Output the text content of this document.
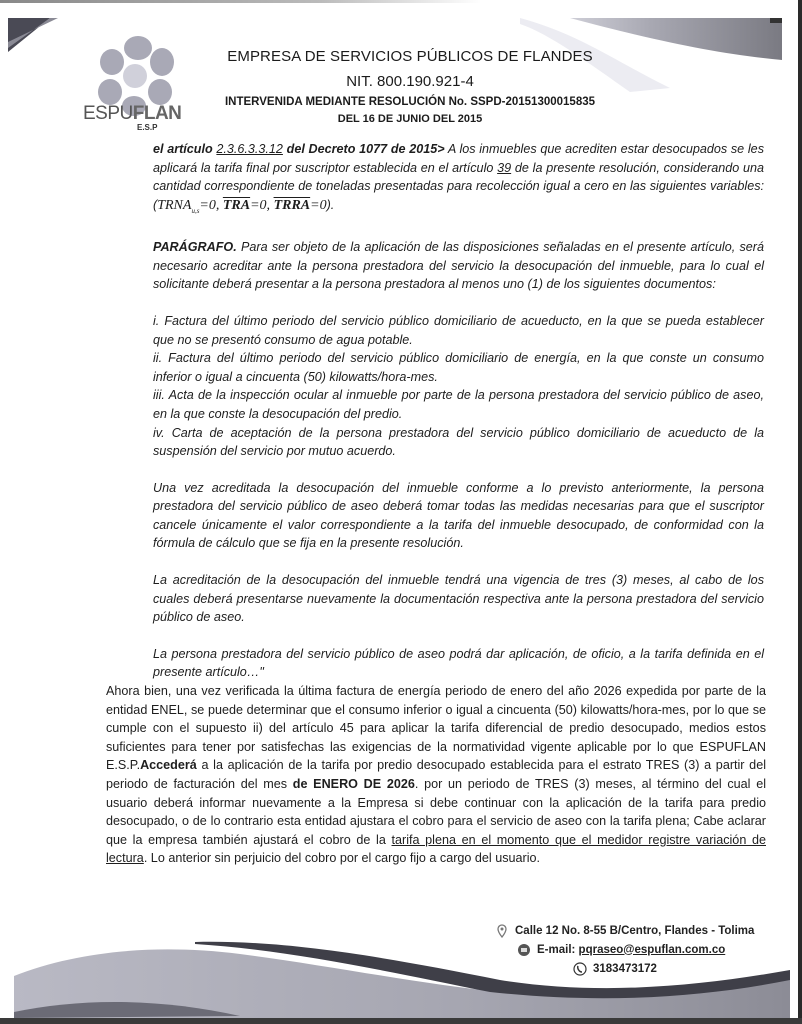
ESPUFLAN
E.S.P
EMPRESA DE SERVICIOS PÚBLICOS DE FLANDES
NIT. 800.190.921-4
INTERVENIDA MEDIANTE RESOLUCIÓN No. SSPD-20151300015835
DEL 16 DE JUNIO DEL 2015

el artículo 2.3.6.3.3.12 del Decreto 1077 de 2015> A los inmuebles que acrediten estar desocupados se les aplicará la tarifa final por suscriptor establecida en el artículo 39 de la presente resolución, considerando una cantidad correspondiente de toneladas presentadas para recolección igual a cero en las siguientes variables: ($TRNA_{u,s}=0$, $\overline{TRA}=0$, TRRA=0).

PARÁGRAFO. Para ser objeto de la aplicación de las disposiciones señaladas en el presente artículo, será necesario acreditar ante la persona prestadora del servicio la desocupación del inmueble, para lo cual el solicitante deberá presentar a la persona prestadora al menos uno (1) de los siguientes documentos:

i. Factura del último periodo del servicio público domiciliario de acueducto, en la que se pueda establecer que no se presentó consumo de agua potable.

ii. Factura del último periodo del servicio público domiciliario de energía, en la que conste un consumo inferior o igual a cincuenta (50) kilowatts/hora-mes.

iii. Acta de la inspección ocular al inmueble por parte de la persona prestadora del servicio público de aseo, en la que conste la desocupación del predio.

iv. Carta de aceptación de la persona prestadora del servicio público domiciliario de acueducto de la suspensión del servicio por mutuo acuerdo.

Una vez acreditada la desocupación del inmueble conforme a lo previsto anteriormente, la persona prestadora del servicio público de aseo deberá tomar todas las medidas necesarias para que el suscriptor cancele únicamente el valor correspondiente a la tarifa del inmueble desocupado, de conformidad con la fórmula de cálculo que se fija en la presente resolución.

La acreditación de la desocupación del inmueble tendrá una vigencia de tres (3) meses, al cabo de los cuales deberá presentarse nuevamente la documentación respectiva ante la persona prestadora del servicio público de aseo.

La persona prestadora del servicio público de aseo podrá dar aplicación, de oficio, a la tarifa definida en el presente artículo…"

Ahora bien, una vez verificada la última factura de energía periodo de enero del año 2026 expedida por parte de la entidad ENEL, se puede determinar que el consumo inferior o igual a cincuenta (50) kilowatts/hora-mes, por lo que se cumple con el supuesto ii) del artículo 45 para aplicar la tarifa diferencial de predio desocupado, medios estos suficientes para tener por satisfechas las exigencias de la normatividad vigente aplicable por lo que ESPUFLAN E.S.P.Accederá a la aplicación de la tarifa por predio desocupado establecida para el estrato TRES (3) a partir del periodo de facturación del mes de ENERO DE 2026. por un periodo de TRES (3) meses, al término del cual el usuario deberá informar nuevamente a la Empresa si debe continuar con la aplicación de la tarifa para predio desocupado, o de lo contrario esta entidad ajustara el cobro para el servicio de aseo con la tarifa plena; Cabe aclarar que la empresa también ajustará el cobro de la tarifa plena en el momento que el medidor registre variación de lectura. Lo anterior sin perjuicio del cobro por el cargo fijo a cargo del usuario.

Calle 12 No. 8-55 B/Centro, Flandes - Tolima
E-mail:
pqraseo@espuflan.com.co
3183473172
